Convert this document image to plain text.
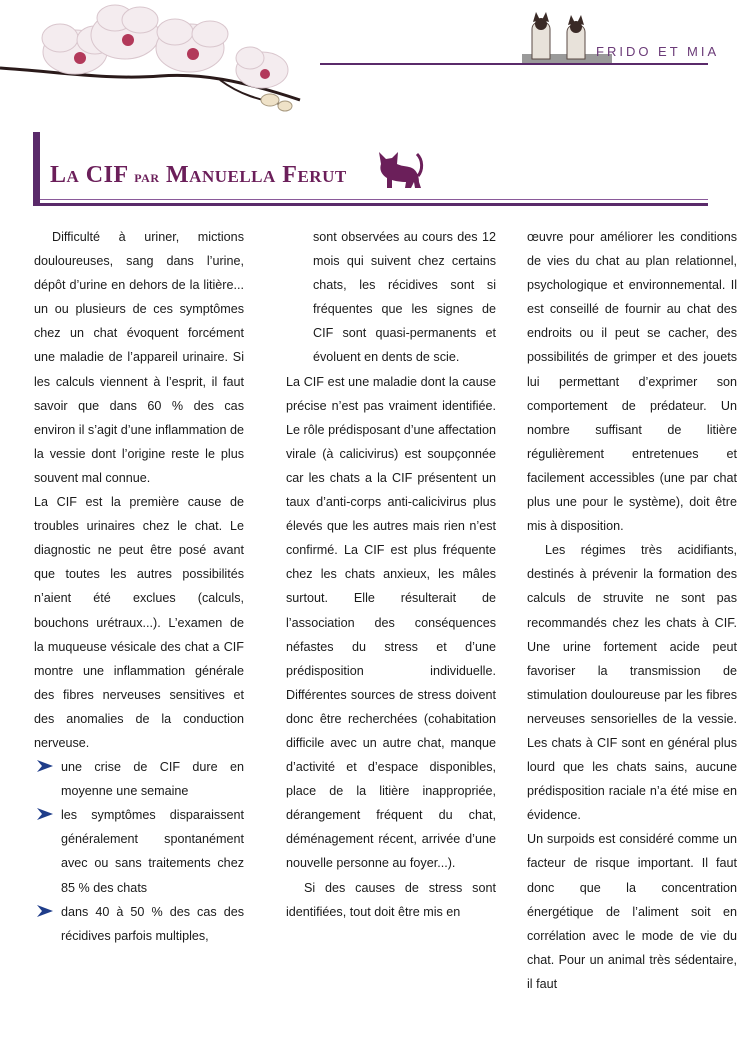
FRIDO ET MIA
La CIF par Manuella Ferut

Difficulté à uriner, mictions douloureuses, sang dans l’urine, dépôt d’urine en dehors de la litière... un ou plusieurs de ces symptômes chez un chat évoquent forcément une maladie de l’appareil urinaire. Si les calculs viennent à l’esprit, il faut savoir que dans 60 % des cas environ il s’agit d’une inflammation de la vessie dont l’origine reste le plus souvent mal connue.

La CIF est la première cause de troubles urinaires chez le chat. Le diagnostic ne peut être posé avant que toutes les autres possibilités n’aient été exclues (calculs, bouchons urétraux...). L’examen de la muqueuse vésicale des chat a CIF montre une inflammation générale des fibres nerveuses sensitives et des anomalies de la conduction nerveuse.

une crise de CIF dure en moyenne une semaine
les symptômes disparaissent généralement spontanément avec ou sans traitements chez 85 % des chats
dans 40 à 50 % des cas des récidives parfois multiples,

sont observées au cours des 12 mois qui suivent chez certains chats, les récidives sont si fréquentes que les signes de CIF sont quasi-permanents et évoluent en dents de scie.

La CIF est une maladie dont la cause précise n’est pas vraiment identifiée. Le rôle prédisposant d’une affectation virale (à calicivirus) est soupçonnée car les chats a la CIF présentent un taux d’anti-corps anti-calicivirus plus élevés que les autres mais rien n’est confirmé. La CIF est plus fréquente chez les chats anxieux, les mâles surtout. Elle résulterait de l’association des conséquences néfastes du stress et d’une prédisposition individuelle. Différentes sources de stress doivent donc être recherchées (cohabitation difficile avec un autre chat, manque d’activité et d’espace disponibles, place de la litière inappropriée, dérangement fréquent du chat, déménagement récent, arrivée d’une nouvelle personne au foyer...).

Si des causes de stress sont identifiées, tout doit être mis en

œuvre pour améliorer les conditions de vies du chat au plan relationnel, psychologique et environnemental. Il est conseillé de fournir au chat des endroits ou il peut se cacher, des possibilités de grimper et des jouets lui permettant d’exprimer son comportement de prédateur. Un nombre suffisant de litière régulièrement entretenues et facilement accessibles (une par chat plus une pour le système), doit être mis à disposition.

Les régimes très acidifiants, destinés à prévenir la formation des calculs de struvite ne sont pas recommandés chez les chats à CIF. Une urine fortement acide peut favoriser la transmission de stimulation douloureuse par les fibres nerveuses sensorielles de la vessie. Les chats à CIF sont en général plus lourd que les chats sains, aucune prédisposition raciale n’a été mise en évidence.

Un surpoids est considéré comme un facteur de risque important. Il faut donc que la concentration énergétique de l’aliment soit en corrélation avec le mode de vie du chat. Pour un animal très sédentaire, il faut
